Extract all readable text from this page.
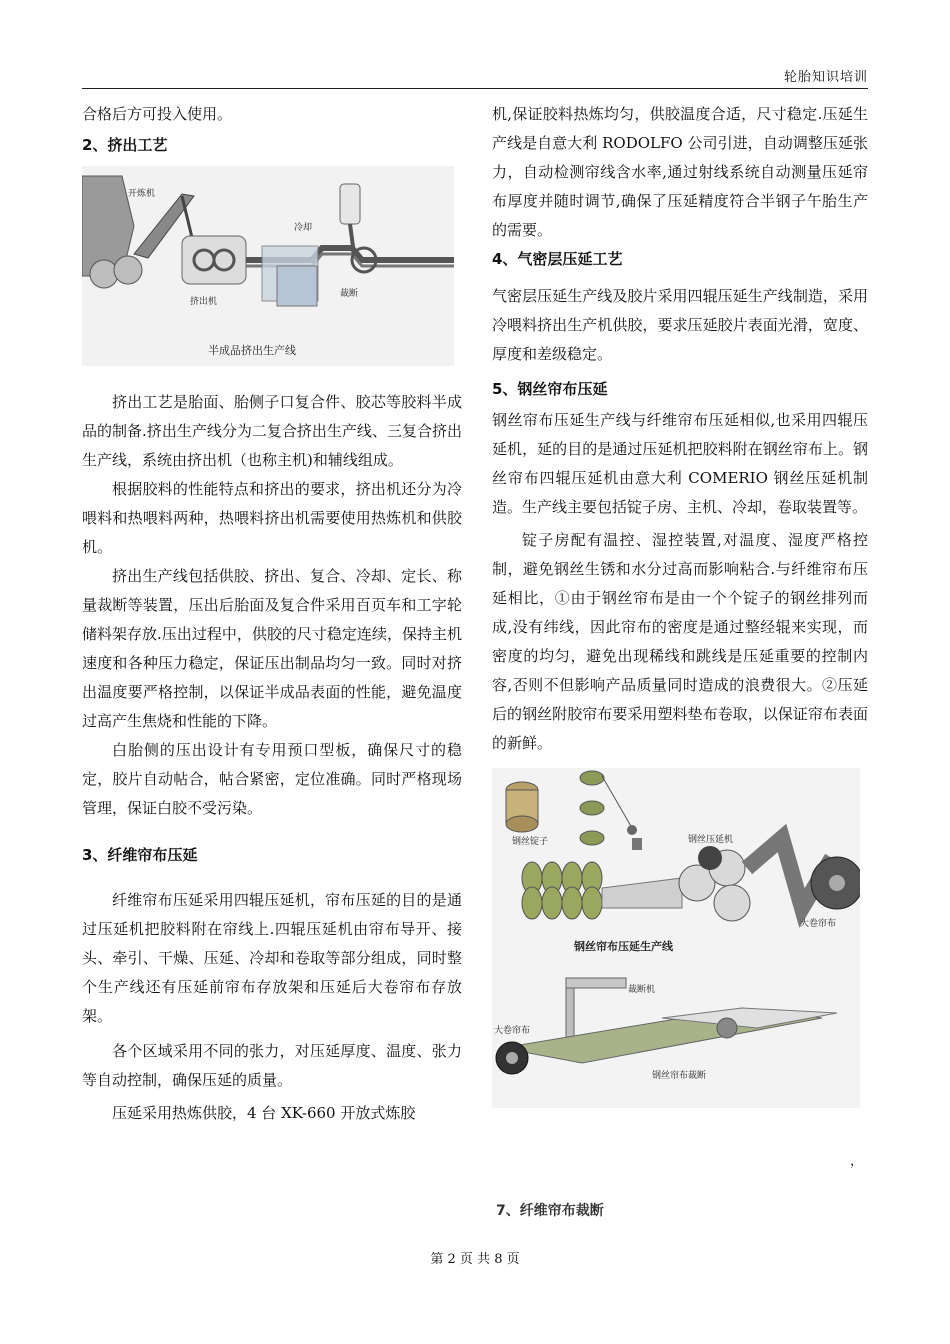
轮胎知识培训

合格后方可投入使用。

2、挤出工艺
开炼机
冷却
挤出机
裁断
半成品挤出生产线

挤出工艺是胎面、胎侧子口复合件、胶芯等胶料半成品的制备.挤出生产线分为二复合挤出生产线、三复合挤出生产线，系统由挤出机（也称主机)和辅线组成。

根据胶料的性能特点和挤出的要求，挤出机还分为冷喂料和热喂料两种，热喂料挤出机需要使用热炼机和供胶机。

挤出生产线包括供胶、挤出、复合、冷却、定长、称量裁断等装置，压出后胎面及复合件采用百页车和工字轮储料架存放.压出过程中，供胶的尺寸稳定连续，保持主机速度和各种压力稳定，保证压出制品均匀一致。同时对挤出温度要严格控制，以保证半成品表面的性能，避免温度过高产生焦烧和性能的下降。

白胎侧的压出设计有专用预口型板，确保尺寸的稳定，胶片自动帖合，帖合紧密，定位准确。同时严格现场管理，保证白胶不受污染。

3、纤维帘布压延

纤维帘布压延采用四辊压延机，帘布压延的目的是通过压延机把胶料附在帘线上.四辊压延机由帘布导开、接头、牵引、干燥、压延、冷却和卷取等部分组成，同时整个生产线还有压延前帘布存放架和压延后大卷帘布存放架。

各个区域采用不同的张力，对压延厚度、温度、张力等自动控制，确保压延的质量。

压延采用热炼供胶，4 台 XK-660 开放式炼胶

机,保证胶料热炼均匀，供胶温度合适，尺寸稳定.压延生产线是自意大利 RODOLFO 公司引进，自动调整压延张力，自动检测帘线含水率,通过射线系统自动测量压延帘布厚度并随时调节,确保了压延精度符合半钢子午胎生产的需要。

4、气密层压延工艺

气密层压延生产线及胶片采用四辊压延生产线制造，采用冷喂料挤出生产机供胶，要求压延胶片表面光滑，宽度、厚度和差级稳定。

5、钢丝帘布压延

钢丝帘布压延生产线与纤维帘布压延相似,也采用四辊压延机，延的目的是通过压延机把胶料附在钢丝帘布上。钢丝帘布四辊压延机由意大利 COMERIO 钢丝压延机制造。生产线主要包括锭子房、主机、冷却，卷取装置等。

锭子房配有温控、湿控装置,对温度、湿度严格控制，避免钢丝生锈和水分过高而影响粘合.与纤维帘布压延相比，①由于钢丝帘布是由一个个锭子的钢丝排列而成,没有纬线，因此帘布的密度是通过整经辊来实现，而密度的均匀，避免出现稀线和跳线是压延重要的控制内容,否则不但影响产品质量同时造成的浪费很大。②压延后的钢丝附胶帘布要采用塑料垫布卷取，以保证帘布表面的新鲜。

钢丝锭子	钢丝压延机
大卷帘布
钢丝帘布压延生产线
大卷帘布
裁断机
钢丝帘布裁断
，
7、纤维帘布裁断
第 2 页 共 8 页
